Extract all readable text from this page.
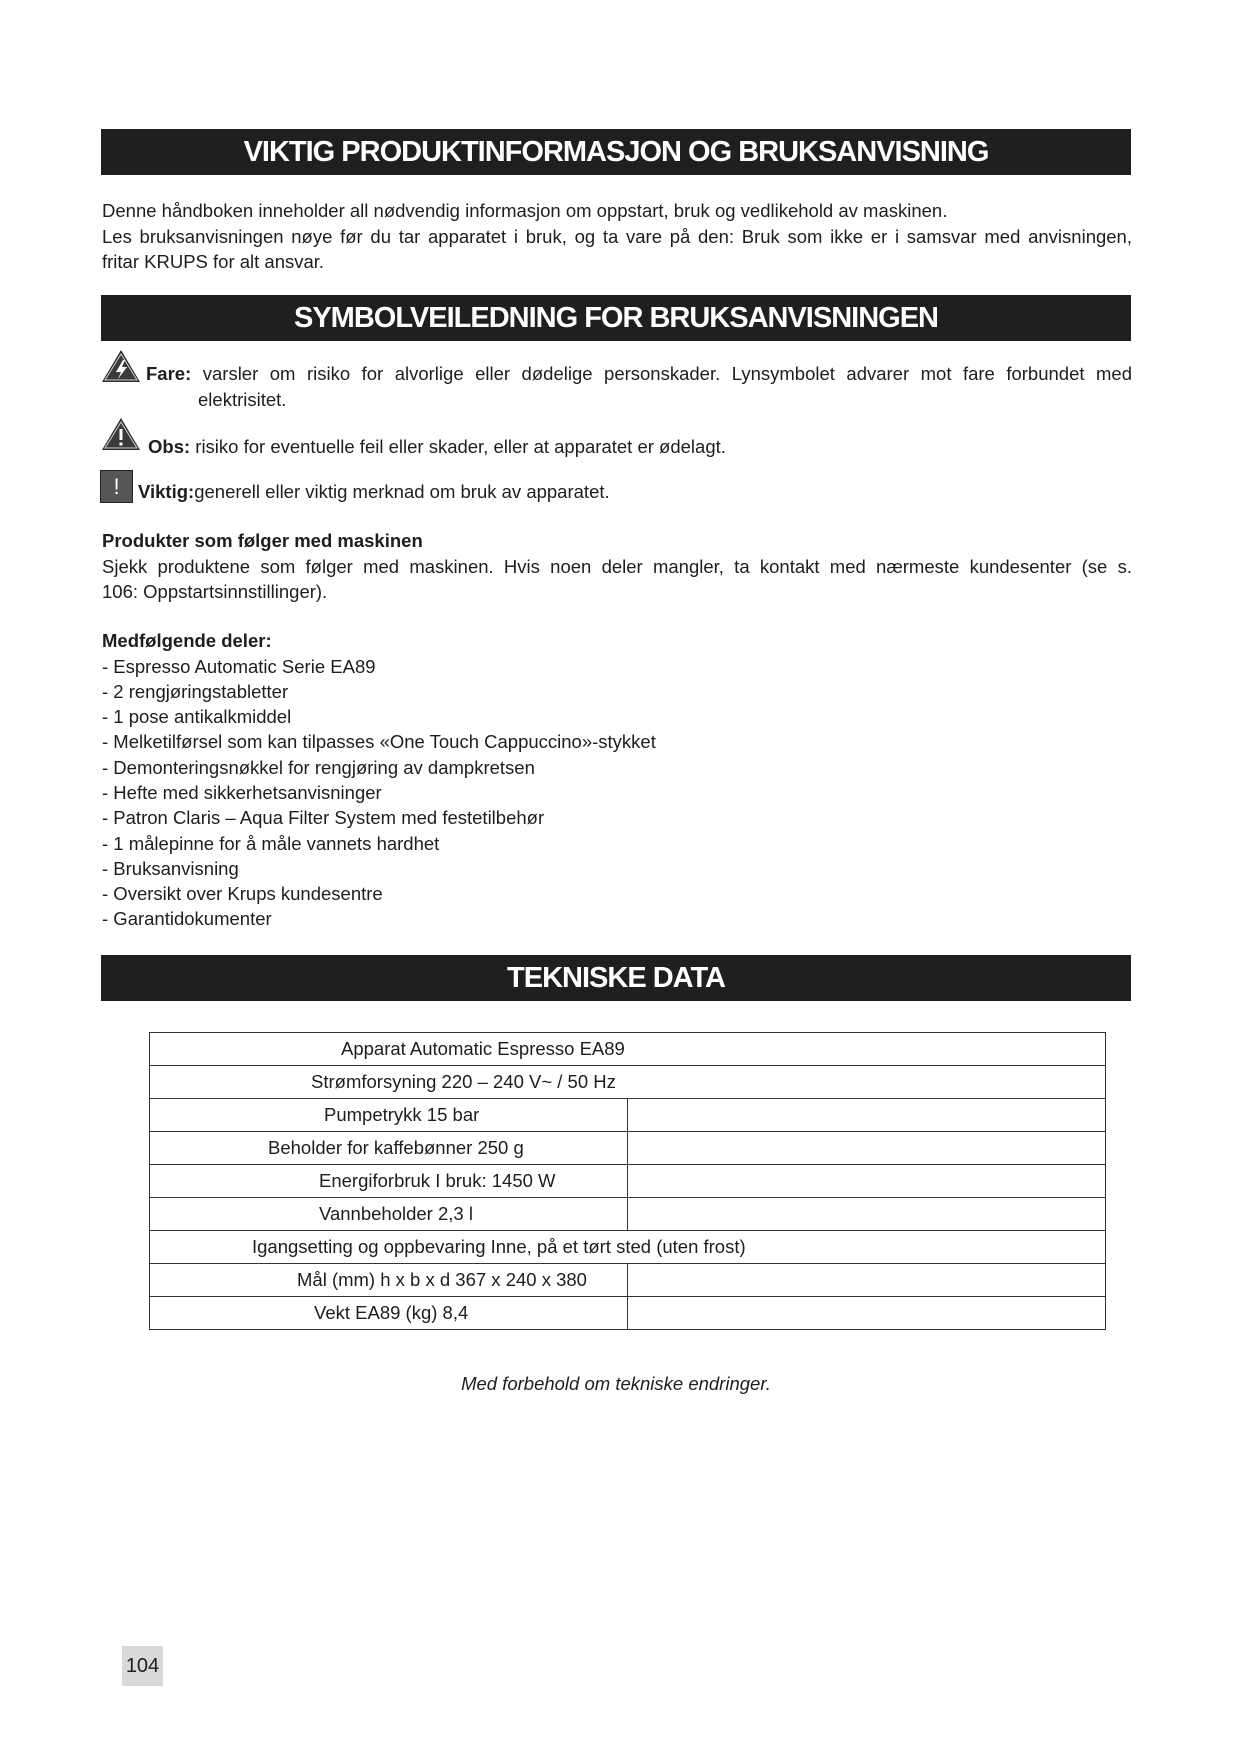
VIKTIG PRODUKTINFORMASJON OG BRUKSANVISNING
Denne håndboken inneholder all nødvendig informasjon om oppstart, bruk og vedlikehold av maskinen.
Les bruksanvisningen nøye før du tar apparatet i bruk, og ta vare på den: Bruk som ikke er i samsvar med anvisningen,
fritar KRUPS for alt ansvar.
SYMBOLVEILEDNING FOR BRUKSANVISNINGEN
Fare: varsler om risiko for alvorlige eller dødelige personskader. Lynsymbolet advarer mot fare forbundet med
elektrisitet.
Obs: risiko for eventuelle feil eller skader, eller at apparatet er ødelagt.
! Viktig:generell eller viktig merknad om bruk av apparatet.
Produkter som følger med maskinen
Sjekk produktene som følger med maskinen. Hvis noen deler mangler, ta kontakt med nærmeste kundesenter (se s.
106: Oppstartsinnstillinger).
Medfølgende deler:
- Espresso Automatic Serie EA89
- 2 rengjøringstabletter
- 1 pose antikalkmiddel
- Melketilførsel som kan tilpasses «One Touch Cappuccino»-stykket
- Demonteringsnøkkel for rengjøring av dampkretsen
- Hefte med sikkerhetsanvisninger
- Patron Claris – Aqua Filter System med festetilbehør
- 1 målepinne for å måle vannets hardhet
- Bruksanvisning
- Oversikt over Krups kundesentre
- Garantidokumenter
TEKNISKE DATA
Apparat Automatic Espresso EA89	

Strømforsyning 220 – 240 V~ / 50 Hz	

Pumpetrykk 15 bar	

Beholder for kaffebønner 250 g	

Energiforbruk I bruk: 1450 W	

Vannbeholder 2,3 l	

Igangsetting og oppbevaring Inne, på et tørt sted (uten frost)	

Mål (mm) h x b x d 367 x 240 x 380	

Vekt EA89 (kg) 8,4	

Med forbehold om tekniske endringer.
104
